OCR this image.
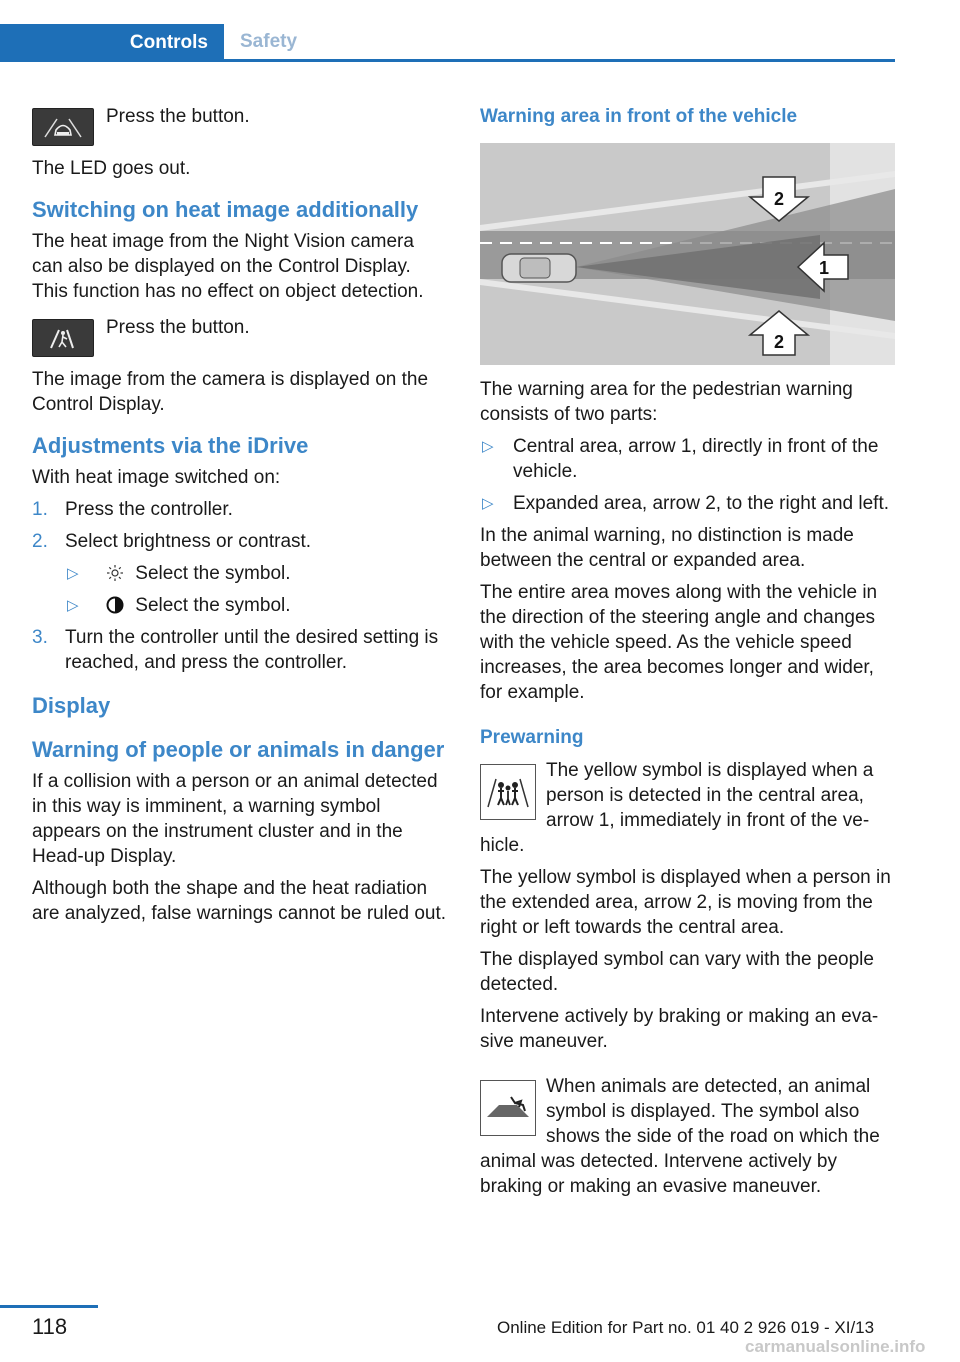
Controls	Safety
Press the button.

The LED goes out.

Switching on heat image additionally

The heat image from the Night Vision camera can also be displayed on the Control Display. This function has no effect on object detection.

Press the button.

The image from the camera is displayed on the Control Display.

Adjustments via the iDrive

With heat image switched on:

1. Press the controller.
2. Select brightness or contrast.
▷	Select the symbol.
▷	Select the symbol.
3. Turn the controller until the desired setting is reached, and press the controller.
Display
Warning of people or animals in danger

If a collision with a person or an animal detected in this way is imminent, a warning symbol appears on the instrument cluster and in the Head-up Display.

Although both the shape and the heat radiation are analyzed, false warnings cannot be ruled out.

Warning area in front of the vehicle
2
1
2

The warning area for the pedestrian warning consists of two parts:

▷ Central area, arrow 1, directly in front of the vehicle.
▷ Expanded area, arrow 2, to the right and left.

In the animal warning, no distinction is made between the central or expanded area.

The entire area moves along with the vehicle in the direction of the steering angle and changes with the vehicle speed. As the vehicle speed increases, the area becomes longer and wider, for example.

Prewarning

The yellow symbol is displayed when a person is detected in the central area, arrow 1, immediately in front of the vehicle.

The yellow symbol is displayed when a person in the extended area, arrow 2, is moving from the right or left towards the central area.

The displayed symbol can vary with the people detected.

Intervene actively by braking or making an evasive maneuver.

When animals are detected, an animal symbol is displayed. The symbol also shows the side of the road on which the animal was detected. Intervene actively by braking or making an evasive maneuver.

118	Online Edition for Part no. 01 40 2 926 019 - XI/13
carmanualsonline.info
